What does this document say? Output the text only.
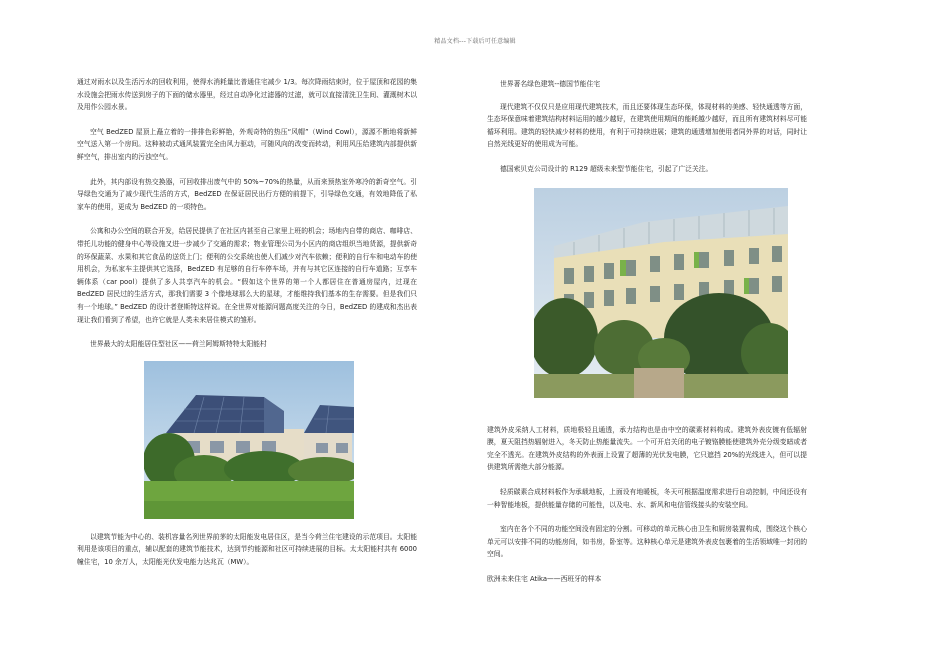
精品文档---下载后可任意编辑

通过对雨水以及生活污水的回收利用，使得水消耗量比普通住宅减少 1/3。每次降雨结束时，位于屋顶和花园的集水设施会把雨水传送到房子的下面的储水器里，经过自动净化过滤器的过滤，就可以直接清洗卫生间、灌溉树木以及用作公园水景。

空气 BedZED 屋顶上矗立着的一排排色彩鲜艳，外观奇特的热压“风帽”（Wind Cowl），源源不断地将新鲜空气送入第一个房间。这种被动式通风装置完全由风力驱动，可随风向的改变而转动，利用风压给建筑内部提供新鲜空气，排出室内的污浊空气。

此外，其内部设有热交换器，可回收排出废气中的 50%~70%的热量，从而来预热室外寒冷的新奇空气。引导绿色交通为了减少现代生活的方式，BedZED 在保证居民出行方便的前提下，引导绿色交通，有效地降低了私家车的使用，更成为 BedZED 的一项特色。

公寓和办公空间的联合开发，给居民提供了在社区内甚至自己家里上班的机会；场地内自带的商店、咖啡店、带托儿功能的健身中心等设施又进一步减少了交通的需求；物业管理公司为小区内的商店组织当地货源，提供新奇的环保蔬菜、水果和其它食品的送货上门；便利的公交系统也使人们减少对汽车依赖；便利的自行车和电动车的使用机会，为私家车主提供其它选择，BedZED 有足够的自行车停车场，并有与其它区连接的自行车道路；互享车辆体系（car pool）提供了多人共享汽车的机会。“假如这个世界的第一个人都居住在普通房屋内，过现在 BedZED 居民过的生活方式，那我们需要 3 个像地球那么大的星球，才能维持我们基本的生存需要。但是我们只有一个地球。” BedZED 的设计者登斯特这样说。在全世界对能源问题高度关注的今日，BedZED 的建成和杰出表现让我们看到了希望，也许它就是人类未来居住模式的雏形。

世界最大的太阳能居住型社区——荷兰阿姆斯特特太阳能村

以建筑节能为中心的、装机容量名列世界前茅的太阳能发电居住区，是当今荷兰住宅建设的示范项目。太阳能利用是该项目的重点，辅以配套的建筑节能技术，达到节约能源和社区可持续进展的目标。太太阳能村共有 6000 幢住宅，10 余万人，太阳能光伏发电能力达兆瓦（MW）。

世界著名绿色建筑--德国节能住宅

现代建筑不仅仅只是应用现代建筑技术，而且还要体现生态环保，体现材料的美感、轻快通透等方面，生态环保意味着建筑结构材料运用的越少越好，在建筑使用期间的能耗越少越好，而且所有建筑材料尽可能循环利用。建筑的轻快减少材料的使用，有利于可持续进展；建筑的通透增加使用者同外界的对话，同时让自然光线更好的使用成为可能。

德国索贝克公司设计的 R129 超级未来型节能住宅，引起了广泛关注。

建筑外皮采纳人工材料，质地极轻且通透，承力结构也是由中空的碳素材料构成。建筑外表皮镀有低辐射膜，夏天阻挡热辐射进入，冬天防止热能量流失。一个可开启关闭的电子镀铬膜能使建筑外壳分级变暗或者完全不透光。在建筑外皮结构的外表面上设置了超薄的光伏发电膜，它只遮挡 20%的光线进入，但可以提供建筑所需绝大部分能源。

轻质碳素合成材料板作为承载地板，上面设有地暖板，冬天可根据温度需求进行自动控制，中间还设有一种智能地板，提供能量存储的可能性，以及电、水、新风和电信管线接头的安装空间。

室内在各个不同的功能空间没有固定的分割。可移动的单元核心由卫生和厨房装置构成，围绕这个核心单元可以安排不同的功能房间，如书房，卧室等。这种核心单元是建筑外表皮包裹着的生活领域唯一封闭的空间。

欧洲未来住宅 Atika——西班牙的样本
